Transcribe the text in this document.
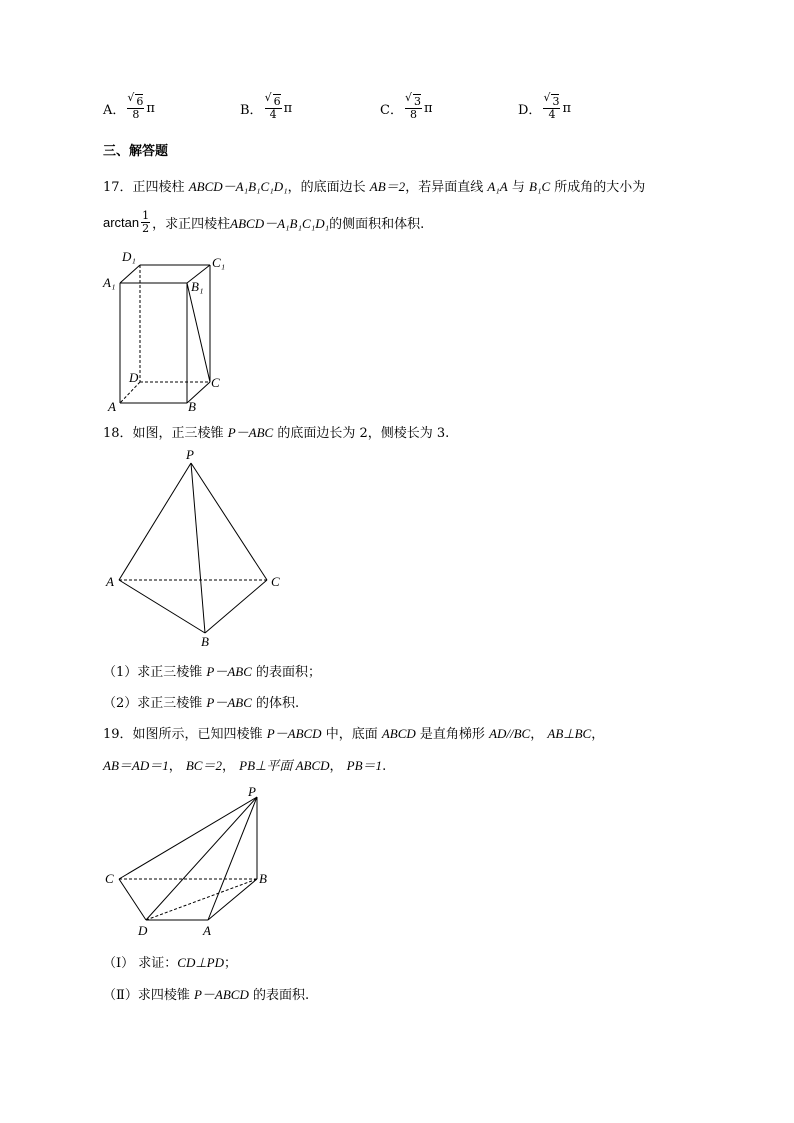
A． √ $\frac{6}{8}$ π	B． √ $\frac{6}{4}$ π	C． √ $\frac{3}{8}$ π	D． √ $\frac{3}{4}$ π
三、解答题
17．正四棱柱 ABCD－A₁B₁C₁D₁，的底面边长 AB＝2，若异面直线 A₁A 与 B₁C 所成角的大小为
$\arctan \frac{1}{2}$ ，求正四棱柱 ABCD－A₁B₁C₁D₁ 的侧面积和体积.
D₁	C₁
A₁	B₁
D	C
A	B
18．如图，正三棱锥 P－ABC 的底面边长为 2，侧棱长为 3.
P
A	C
B
（1）求正三棱锥 P－ABC 的表面积；
（2）求正三棱锥 P－ABC 的体积.
19．如图所示，已知四棱锥 P－ABCD 中，底面 ABCD 是直角梯形 AD//BC， AB⊥BC，
AB＝AD＝1， BC＝2， PB⊥平面 ABCD， PB＝1.
P
C	B
D	A
（Ⅰ） 求证：CD⊥PD；
（Ⅱ）求四棱锥 P－ABCD 的表面积.
